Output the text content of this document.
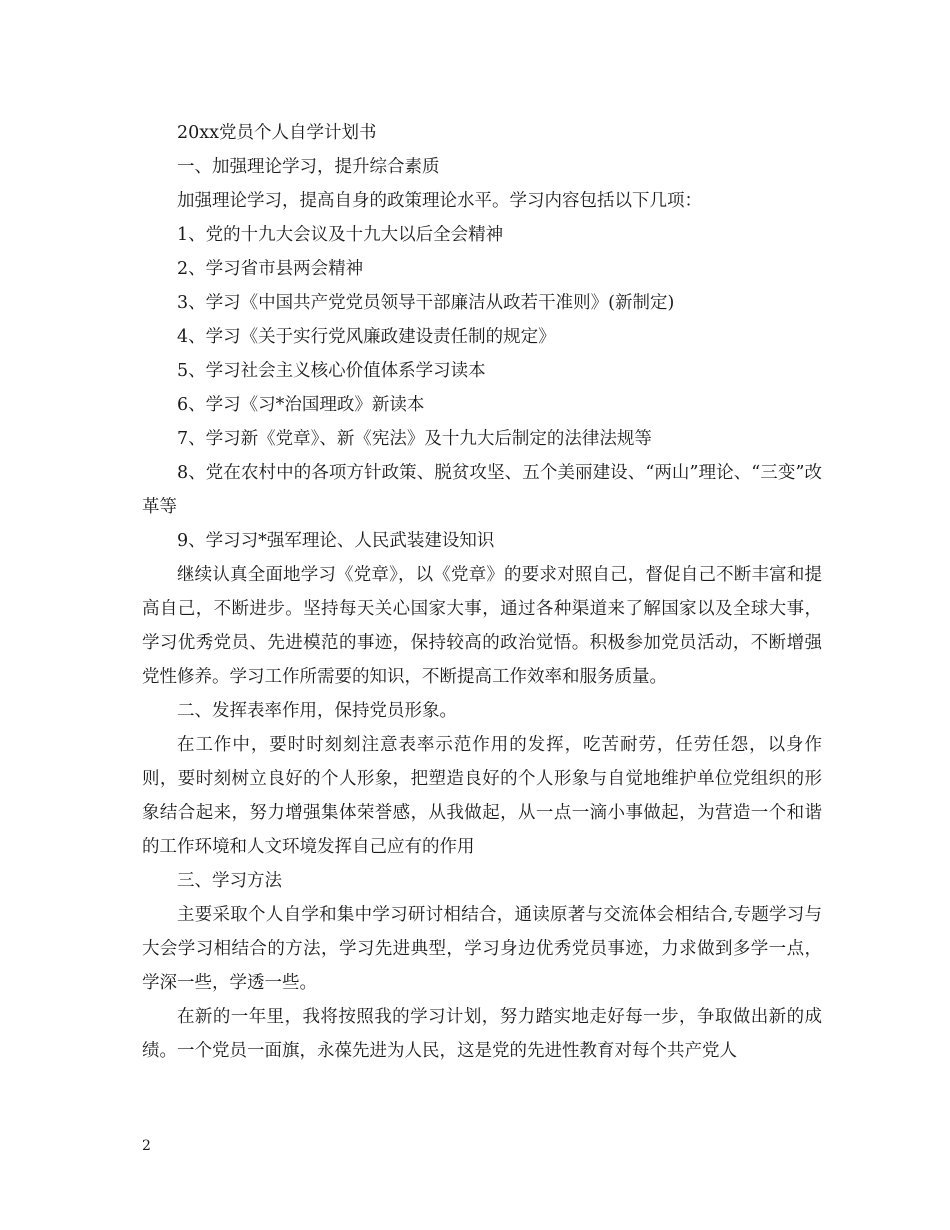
20xx党员个人自学计划书

一、加强理论学习，提升综合素质

加强理论学习，提高自身的政策理论水平。学习内容包括以下几项：

1、党的十九大会议及十九大以后全会精神

2、学习省市县两会精神

3、学习《中国共产党党员领导干部廉洁从政若干准则》(新制定)

4、学习《关于实行党风廉政建设责任制的规定》

5、学习社会主义核心价值体系学习读本

6、学习《习*治国理政》新读本

7、学习新《党章》、新《宪法》及十九大后制定的法律法规等

8、党在农村中的各项方针政策、脱贫攻坚、五个美丽建设、“两山”理论、“三变”改革等

9、学习习*强军理论、人民武装建设知识

继续认真全面地学习《党章》，以《党章》的要求对照自己，督促自己不断丰富和提高自己，不断进步。坚持每天关心国家大事，通过各种渠道来了解国家以及全球大事，学习优秀党员、先进模范的事迹，保持较高的政治觉悟。积极参加党员活动，不断增强党性修养。学习工作所需要的知识，不断提高工作效率和服务质量。

二、发挥表率作用，保持党员形象。

在工作中，要时时刻刻注意表率示范作用的发挥，吃苦耐劳，任劳任怨，以身作则，要时刻树立良好的个人形象，把塑造良好的个人形象与自觉地维护单位党组织的形象结合起来，努力增强集体荣誉感，从我做起，从一点一滴小事做起，为营造一个和谐的工作环境和人文环境发挥自己应有的作用

三、学习方法

主要采取个人自学和集中学习研讨相结合，通读原著与交流体会相结合,专题学习与大会学习相结合的方法，学习先进典型，学习身边优秀党员事迹，力求做到多学一点，学深一些，学透一些。

在新的一年里，我将按照我的学习计划，努力踏实地走好每一步，争取做出新的成绩。一个党员一面旗，永葆先进为人民，这是党的先进性教育对每个共产党人

2
